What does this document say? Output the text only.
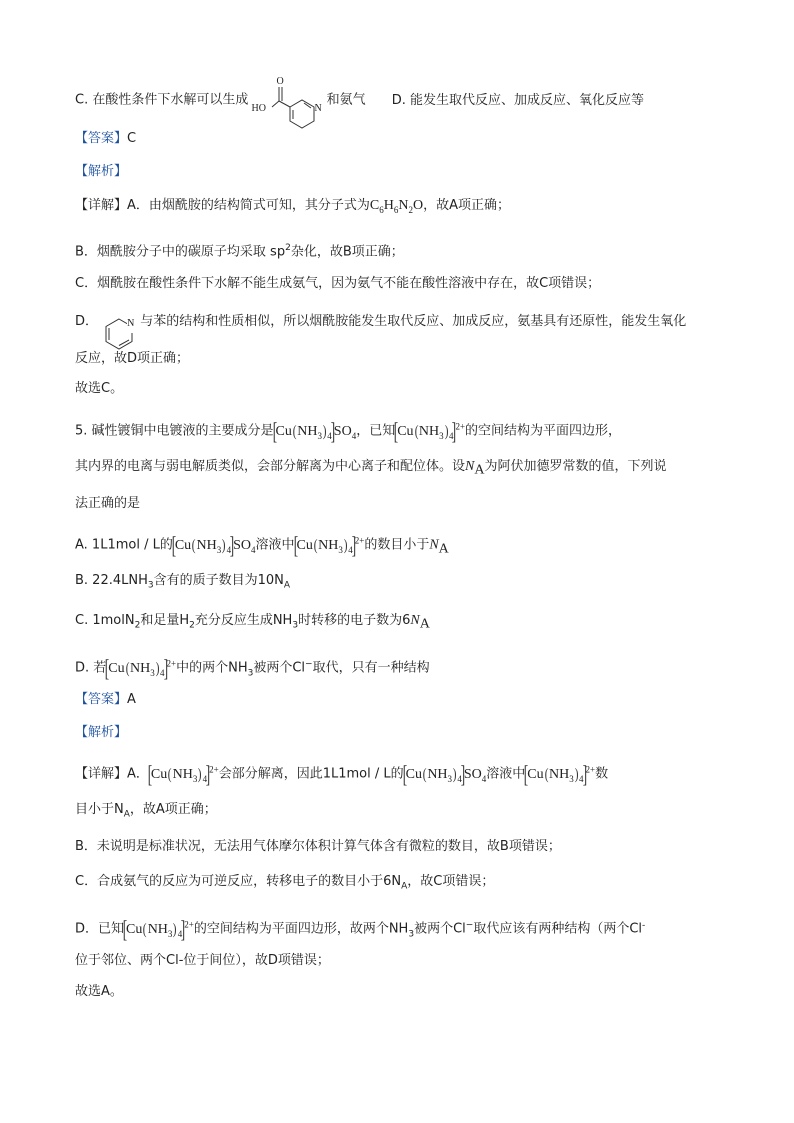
C. 在酸性条件下水解可以生成
O
HO	N
和氨气 D. 能发生取代反应、加成反应、氧化反应等
【答案】C
【解析】
【详解】A．由烟酰胺的结构简式可知，其分子式为$C_6H_6N_2O$，故A项正确；
B．烟酰胺分子中的碳原子均采取 $sp^2$杂化，故B项正确；
C．烟酰胺在酸性条件下水解不能生成氨气，因为氨气不能在酸性溶液中存在，故C项错误；
D．	N 与苯的结构和性质相似，所以烟酰胺能发生取代反应、加成反应，氨基具有还原性，能发生氧化
反应，故D项正确；
故选C。
5. 碱性镀铜中电镀液的主要成分是$[Cu(NH_3)_4]SO_4$，已知$[Cu(NH_3)_4]^{2+}$的空间结构为平面四边形，
其内界的电离与弱电解质类似，会部分解离为中心离子和配位体。设$N_A$为阿伏加德罗常数的值，下列说
法正确的是
A. 1L1mol / L的$[Cu(NH_3)_4]SO_4$溶液中$[Cu(NH_3)_4]^{2+}$的数目小于$N_A$
B. $22.4LNH_3$含有的质子数目为$10N_A$
C. 1molN$_2$和足量$H_2$充分反应生成$NH_3$时转移的电子数为$6N_A$
D. 若$[Cu(NH_3)_4]^{2+}$中的两个$NH_3$被两个Cl−取代，只有一种结构
【答案】A
【解析】
【详解】A．$[Cu(NH_3)_4]^{2+}$会部分解离，因此1L1mol / L的$[Cu(NH_3)_4]SO_4$溶液中$[Cu(NH_3)_4]^{2+}$数
目小于$N_A$，故A项正确；
B．未说明是标准状况，无法用气体摩尔体积计算气体含有微粒的数目，故B项错误；
C．合成氨气的反应为可逆反应，转移电子的数目小于$6N_A$，故C项错误；
D．已知$[Cu(NH_3)_4]^{2+}$的空间结构为平面四边形，故两个$NH_3$被两个Cl−取代应该有两种结构（两个Cl-
位于邻位、两个Cl-位于间位），故D项错误；
故选A。
